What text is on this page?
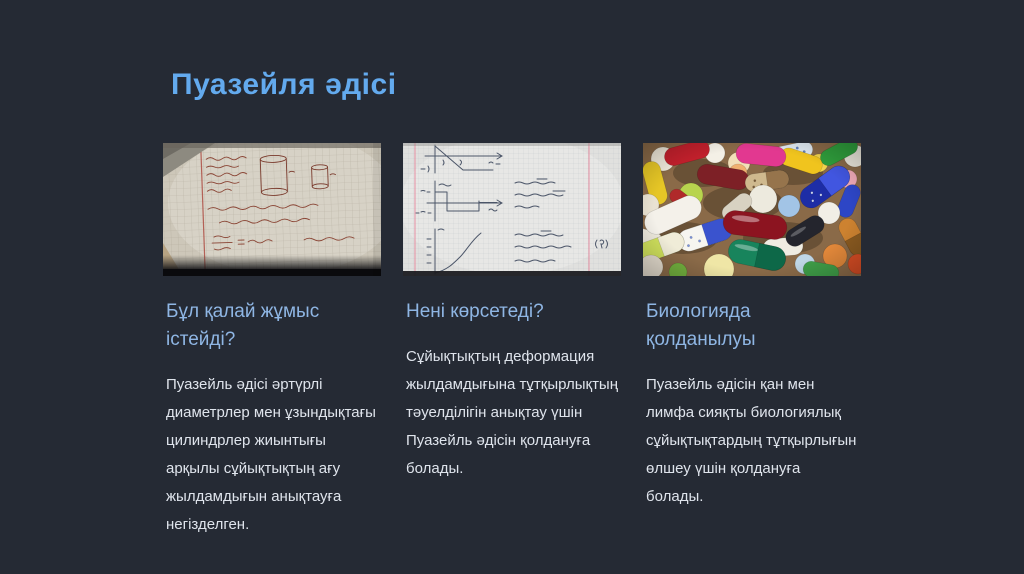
Пуазейля әдісі
Бұл қалай жұмыс істейді?

Пуазейль әдісі әртүрлі диаметрлер мен ұзындықтағы цилиндрлер жиынтығы арқылы сұйықтықтың ағу жылдамдығын анықтауға негізделген.

Нені көрсетеді?

Сұйықтықтың деформация жылдамдығына тұтқырлықтың тәуелділігін анықтау үшін Пуазейль әдісін қолдануға болады.

Биологияда қолданылуы

Пуазейль әдісін қан мен лимфа сияқты биологиялық сұйықтықтардың тұтқырлығын өлшеу үшін қолдануға болады.
